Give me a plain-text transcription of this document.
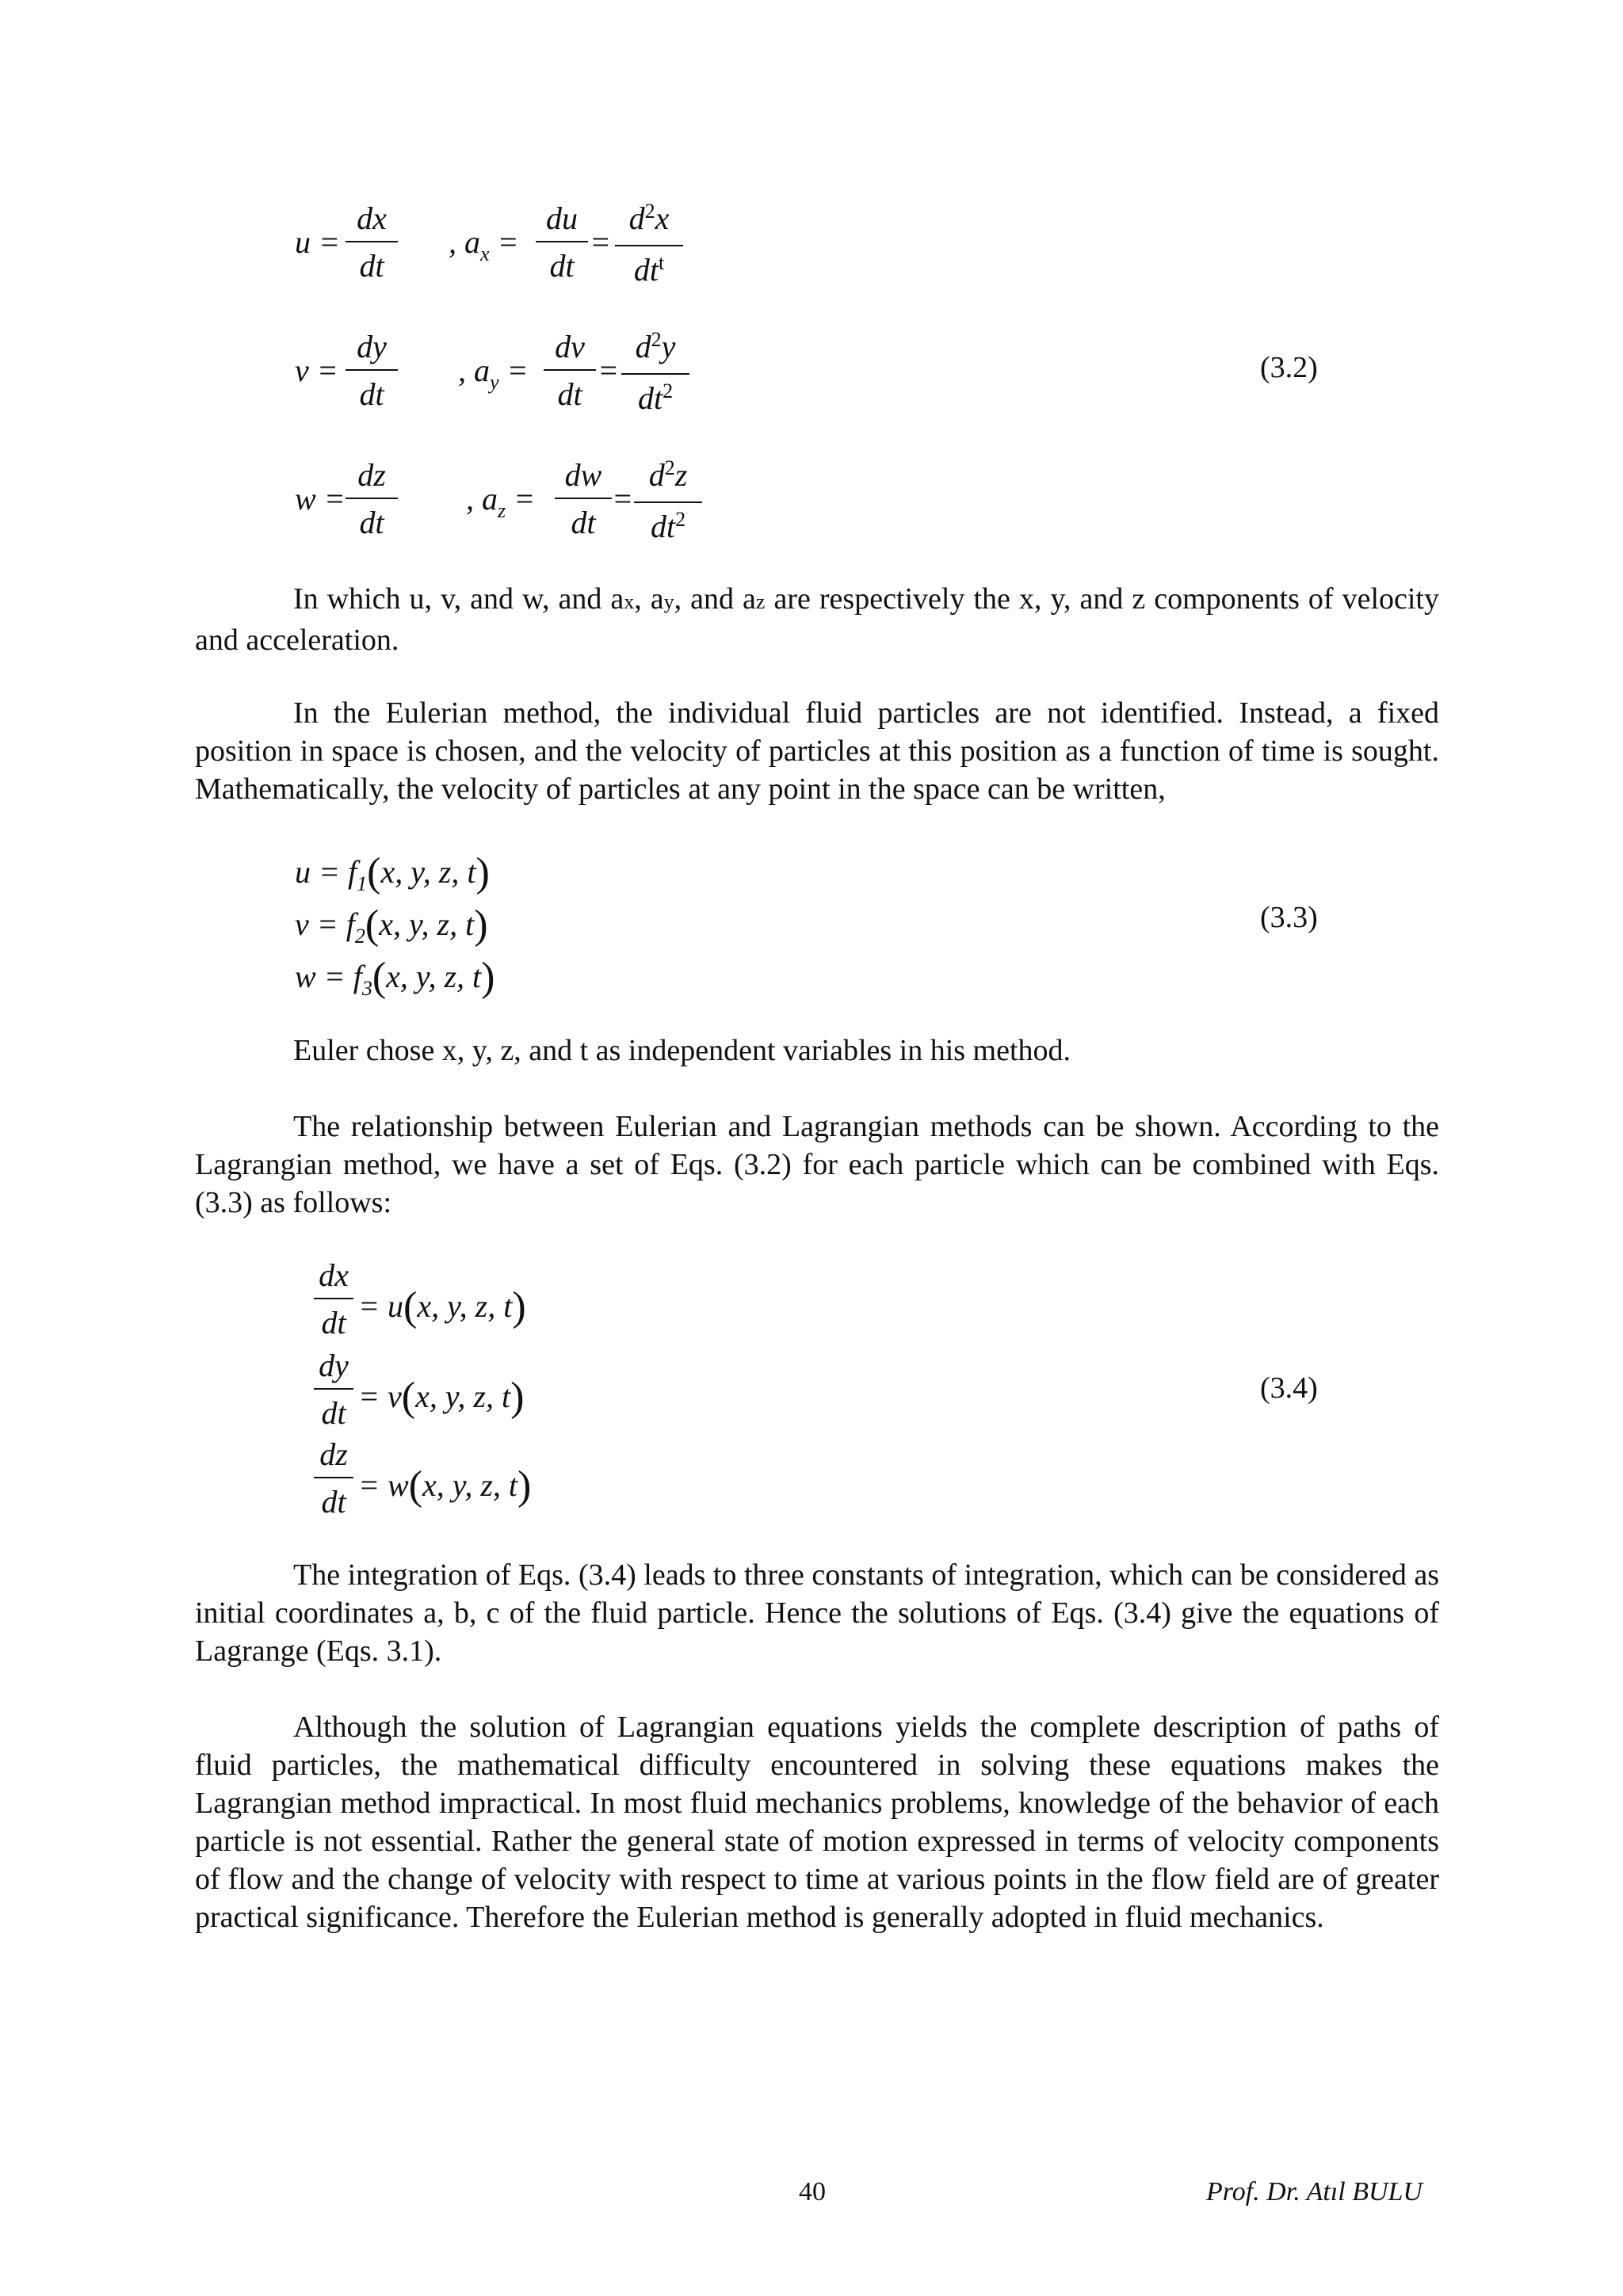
$u = \frac{dx}{dt}$ , $a_x = \frac{du}{dt}$ =
$d^2x$
$dt^t$
$v = \frac{dy}{dt}$ , $a_y = \frac{dv}{dt} = \frac{d^2y}{dt^2}$	(3.2)
$w = \frac{dz}{dt}$ , $a_z = \frac{dw}{dt} = \frac{d^2z}{dt^2}$

In which u, v, and w, and ax, ay, and az are respectively the x, y, and z components of velocity and acceleration.

In the Eulerian method, the individual fluid particles are not identified. Instead, a fixed position in space is chosen, and the velocity of particles at this position as a function of time is sought. Mathematically, the velocity of particles at any point in the space can be written,

$u = f_1(x$, y, z, t)
$v = f_2(x$, y, z, t)
$w = f_3(x$, y, z, t)
(3.3)

Euler chose x, y, z, and t as independent variables in his method.

The relationship between Eulerian and Lagrangian methods can be shown. According to the Lagrangian method, we have a set of Eqs. (3.2) for each particle which can be combined with Eqs. (3.3) as follows:

$\frac{dx}{dt} = u(x$, y, z, t)
$\frac{dy}{dt} = v(x$, y, z, t)
$\frac{dz}{dt} = w(x$, y, z, t)
(3.4)

The integration of Eqs. (3.4) leads to three constants of integration, which can be considered as initial coordinates a, b, c of the fluid particle. Hence the solutions of Eqs. (3.4) give the equations of Lagrange (Eqs. 3.1).

Although the solution of Lagrangian equations yields the complete description of paths of fluid particles, the mathematical difficulty encountered in solving these equations makes the Lagrangian method impractical. In most fluid mechanics problems, knowledge of the behavior of each particle is not essential. Rather the general state of motion expressed in terms of velocity components of flow and the change of velocity with respect to time at various points in the flow field are of greater practical significance. Therefore the Eulerian method is generally adopted in fluid mechanics.

40	Prof. Dr. Atıl BULU
